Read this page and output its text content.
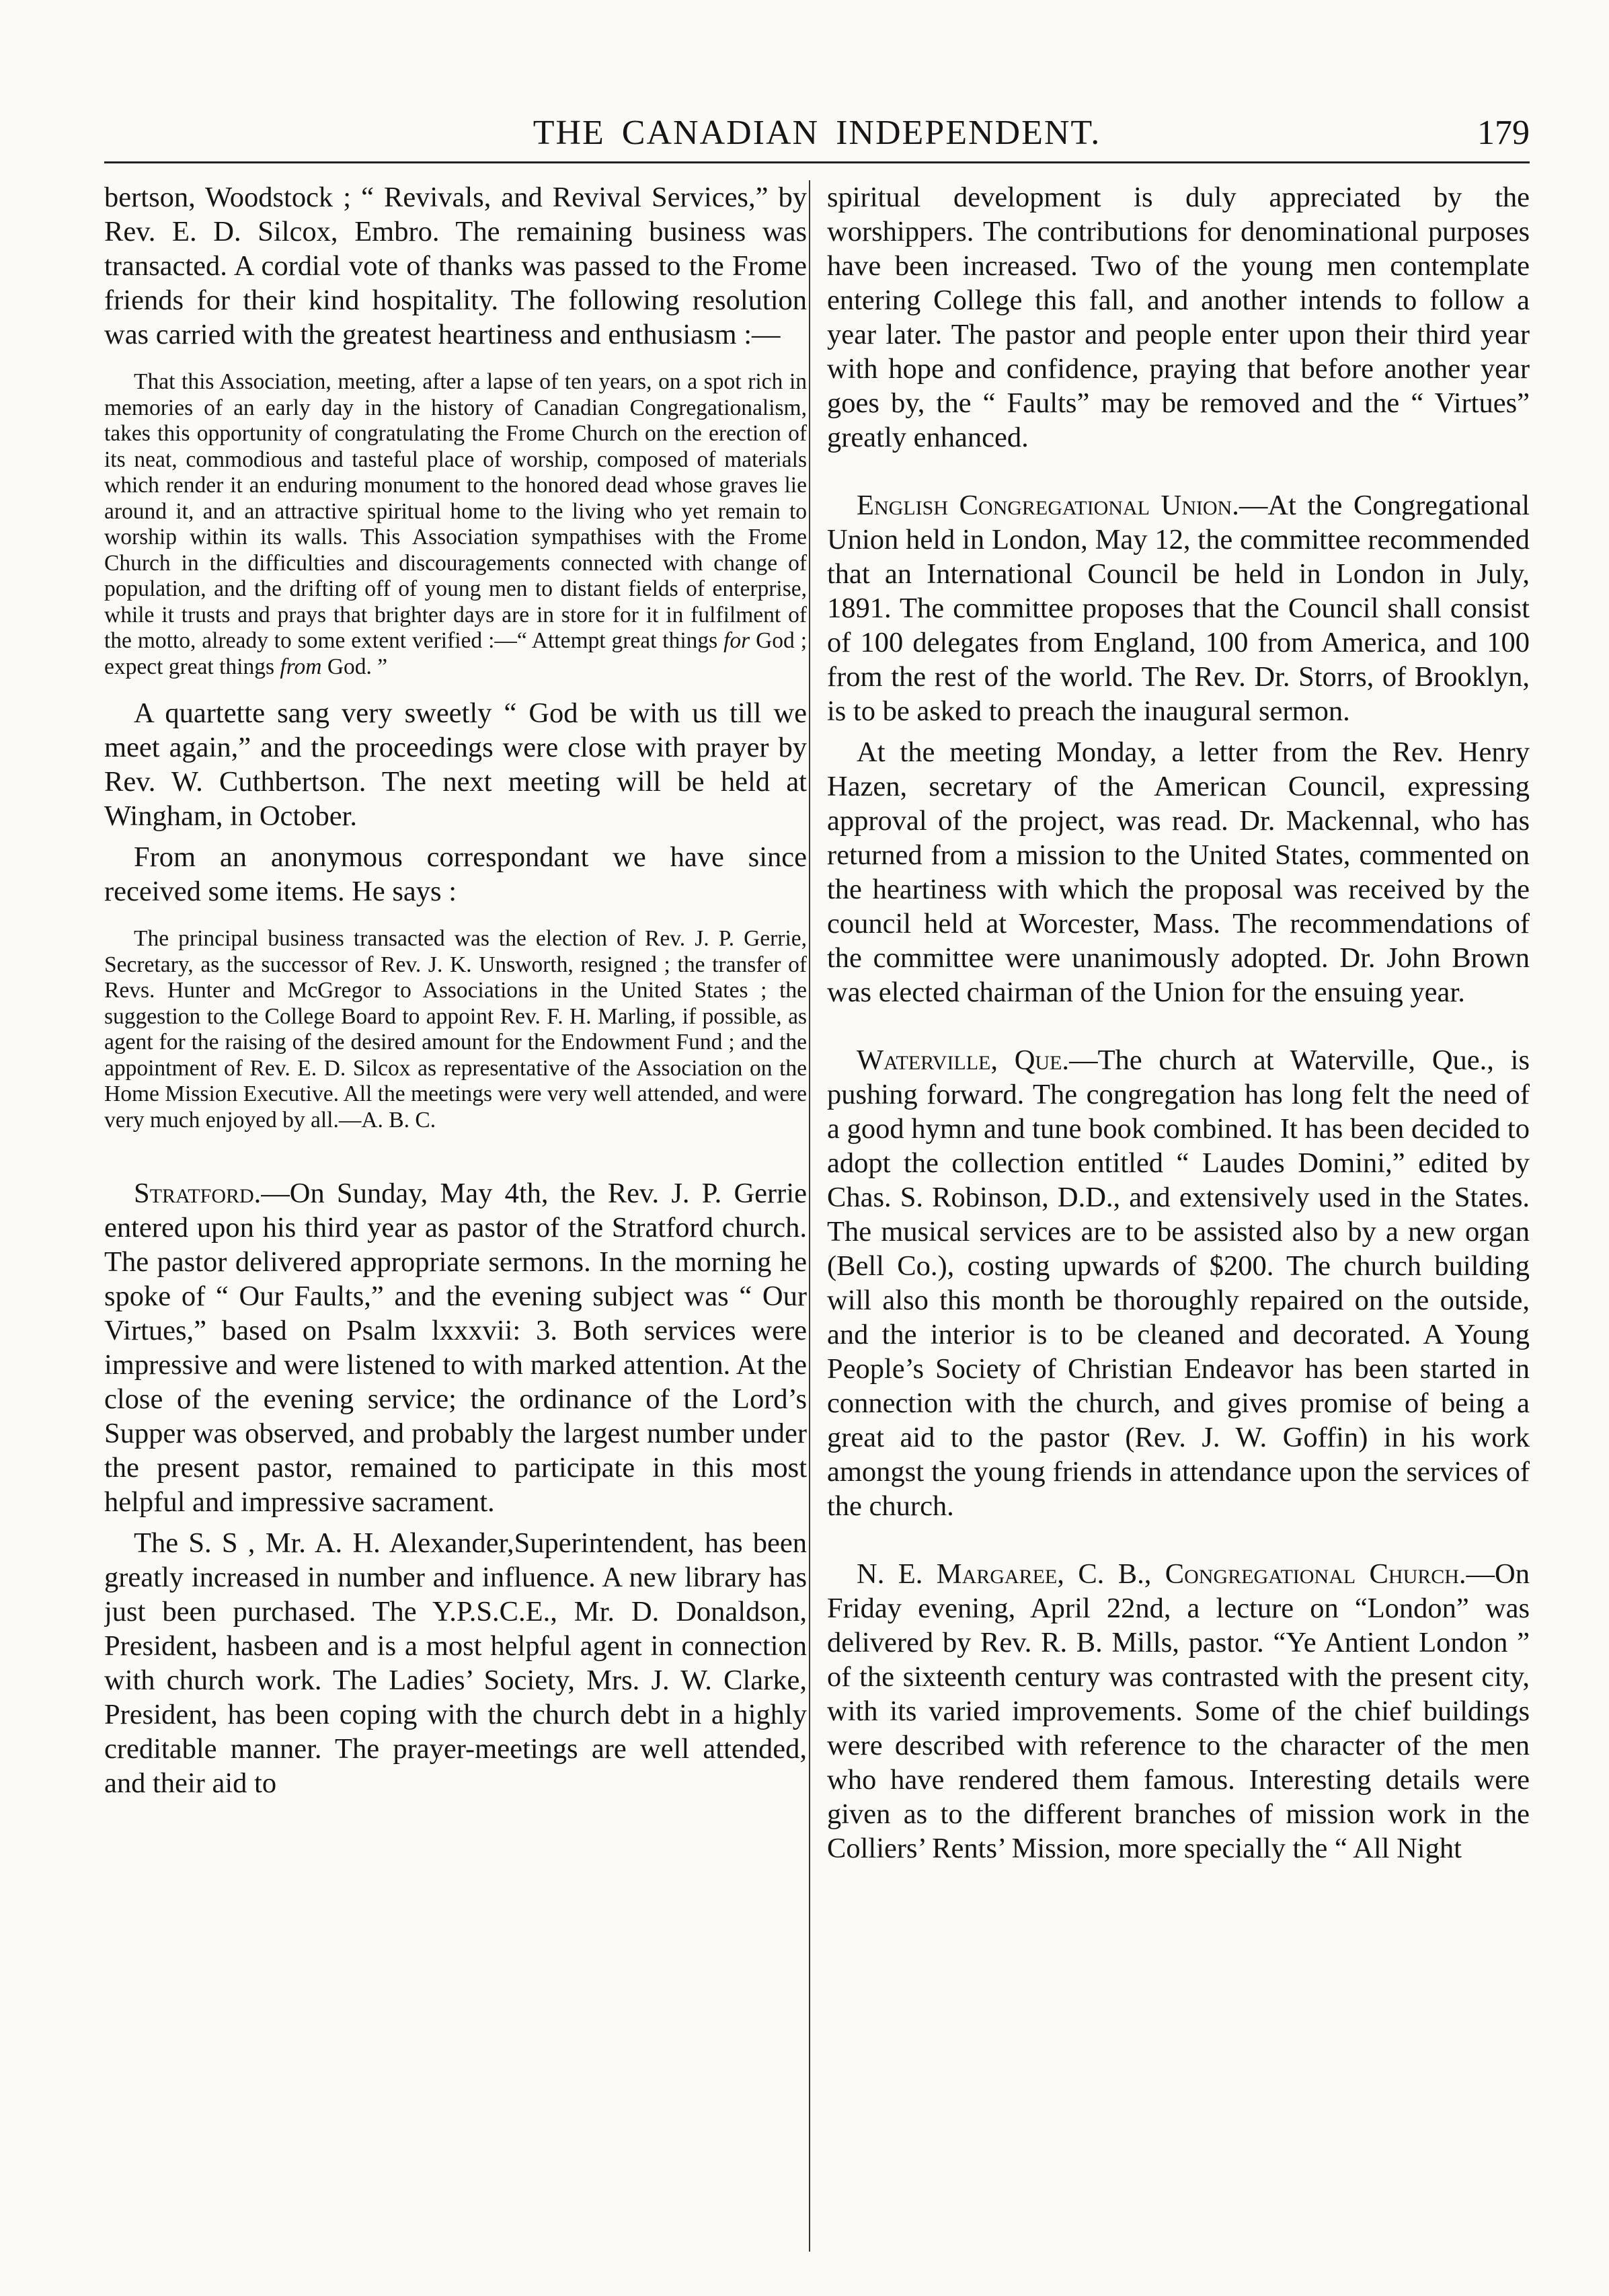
THE CANADIAN INDEPENDENT.	179

bertson, Woodstock ; “ Revivals, and Revival Services,” by Rev. E. D. Silcox, Embro. The remaining business was transacted. A cordial vote of thanks was passed to the Frome friends for their kind hospitality. The following resolution was carried with the greatest heartiness and enthusiasm :—

That this Association, meeting, after a lapse of ten years, on a spot rich in memories of an early day in the history of Canadian Congregationalism, takes this opportunity of congratulating the Frome Church on the erection of its neat, commodious and tasteful place of worship, composed of materials which render it an enduring monument to the honored dead whose graves lie around it, and an attractive spiritual home to the living who yet remain to worship within its walls. This Association sympathises with the Frome Church in the difficulties and discouragements connected with change of population, and the drifting off of young men to distant fields of enterprise, while it trusts and prays that brighter days are in store for it in fulfilment of the motto, already to some extent verified :—“ Attempt great things for God ; expect great things from God. ”

A quartette sang very sweetly “ God be with us till we meet again,” and the proceedings were close with prayer by Rev. W. Cuthbertson. The next meeting will be held at Wingham, in October.

From an anonymous correspondant we have since received some items. He says :

The principal business transacted was the election of Rev. J. P. Gerrie, Secretary, as the successor of Rev. J. K. Unsworth, resigned ; the transfer of Revs. Hunter and McGregor to Associations in the United States ; the suggestion to the College Board to appoint Rev. F. H. Marling, if possible, as agent for the raising of the desired amount for the Endowment Fund ; and the appointment of Rev. E. D. Silcox as representative of the Association on the Home Mission Executive. All the meetings were very well attended, and were very much enjoyed by all.—A. B. C.

Stratford.—On Sunday, May 4th, the Rev. J. P. Gerrie entered upon his third year as pastor of the Stratford church. The pastor delivered appropriate sermons. In the morning he spoke of “ Our Faults,” and the evening subject was “ Our Virtues,” based on Psalm lxxxvii: 3. Both services were impressive and were listened to with marked attention. At the close of the evening service; the ordinance of the Lord’s Supper was observed, and probably the largest number under the present pastor, remained to participate in this most helpful and impressive sacrament.

The S. S , Mr. A. H. Alexander,Superintendent, has been greatly increased in number and influence. A new library has just been purchased. The Y.P.S.C.E., Mr. D. Donaldson, President, hasbeen and is a most helpful agent in connection with church work. The Ladies’ Society, Mrs. J. W. Clarke, President, has been coping with the church debt in a highly creditable manner. The prayer-meetings are well attended, and their aid to

spiritual development is duly appreciated by the worshippers. The contributions for denominational purposes have been increased. Two of the young men contemplate entering College this fall, and another intends to follow a year later. The pastor and people enter upon their third year with hope and confidence, praying that before another year goes by, the “ Faults” may be removed and the “ Virtues” greatly enhanced.

English Congregational Union.—At the Congregational Union held in London, May 12, the committee recommended that an International Council be held in London in July, 1891. The committee proposes that the Council shall consist of 100 delegates from England, 100 from America, and 100 from the rest of the world. The Rev. Dr. Storrs, of Brooklyn, is to be asked to preach the inaugural sermon.

At the meeting Monday, a letter from the Rev. Henry Hazen, secretary of the American Council, expressing approval of the project, was read. Dr. Mackennal, who has returned from a mission to the United States, commented on the heartiness with which the proposal was received by the council held at Worcester, Mass. The recommendations of the committee were unanimously adopted. Dr. John Brown was elected chairman of the Union for the ensuing year.

Waterville, Que.—The church at Waterville, Que., is pushing forward. The congregation has long felt the need of a good hymn and tune book combined. It has been decided to adopt the collection entitled “ Laudes Domini,” edited by Chas. S. Robinson, D.D., and extensively used in the States. The musical services are to be assisted also by a new organ (Bell Co.), costing upwards of $200. The church building will also this month be thoroughly repaired on the outside, and the interior is to be cleaned and decorated. A Young People’s Society of Christian Endeavor has been started in connection with the church, and gives promise of being a great aid to the pastor (Rev. J. W. Goffin) in his work amongst the young friends in attendance upon the services of the church.

N. E. Margaree, C. B., Congregational Church.—On Friday evening, April 22nd, a lecture on “London” was delivered by Rev. R. B. Mills, pastor. “Ye Antient London ” of the sixteenth century was contrasted with the present city, with its varied improvements. Some of the chief buildings were described with reference to the character of the men who have rendered them famous. Interesting details were given as to the different branches of mission work in the Colliers’ Rents’ Mission, more specially the “ All Night
